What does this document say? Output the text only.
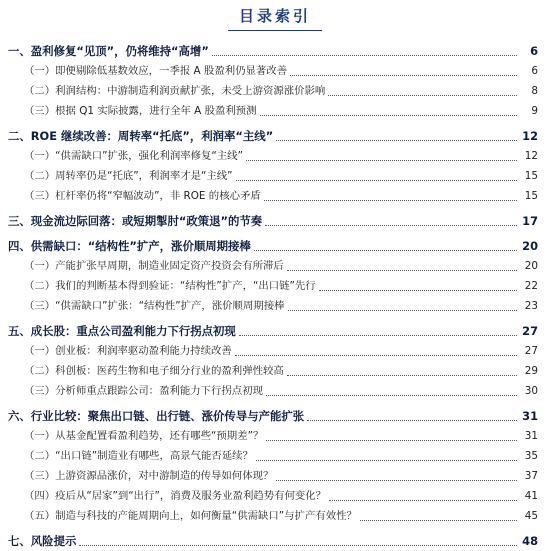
目录索引
一、盈利修复“见顶”，仍将维持“高增”	6
（一）即便剔除低基数效应，一季报 A 股盈利仍显著改善	6
（二）利润结构：中游制造利润贡献扩张，未受上游资源涨价影响	8
（三）根据 Q1 实际披露，进行全年 A 股盈利预测	9
二、ROE 继续改善：周转率“托底”，利润率“主线”	12
（一）“供需缺口”扩张，强化利润率修复“主线”	12
（二）周转率仍是“托底”，利润率才是“主线”	15
（三）杠杆率仍将“窄幅波动”，非 ROE 的核心矛盾	15
三、现金流边际回落：或短期掣肘“政策退”的节奏	17
四、供需缺口：“结构性”扩产，涨价顺周期接棒	20
（一）产能扩张早周期，制造业固定资产投资会有所滞后	20
（二）我们的判断基本得到验证：“结构性”扩产，“出口链”先行	22
（三）“供需缺口”扩张：“结构性”扩产，涨价顺周期接棒	23
五、成长股：重点公司盈利能力下行拐点初现	27
（一）创业板：利润率驱动盈利能力持续改善	27
（二）科创板：医药生物和电子细分行业的盈利弹性较高	29
（三）分析师重点跟踪公司：盈利能力下行拐点初现	30
六、行业比较：聚焦出口链、出行链、涨价传导与产能扩张	31
（一）从基金配置看盈利趋势，还有哪些“预期差”？	31
（二）“出口链”制造业有哪些，高景气能否延续？	35
（三）上游资源品涨价，对中游制造的传导如何体现？	37
（四）疫后从“居家”到“出行”，消费及服务业盈利趋势有何变化？	41
（五）制造与科技的产能周期向上，如何衡量“供需缺口”与扩产有效性？	45
七、风险提示	48
